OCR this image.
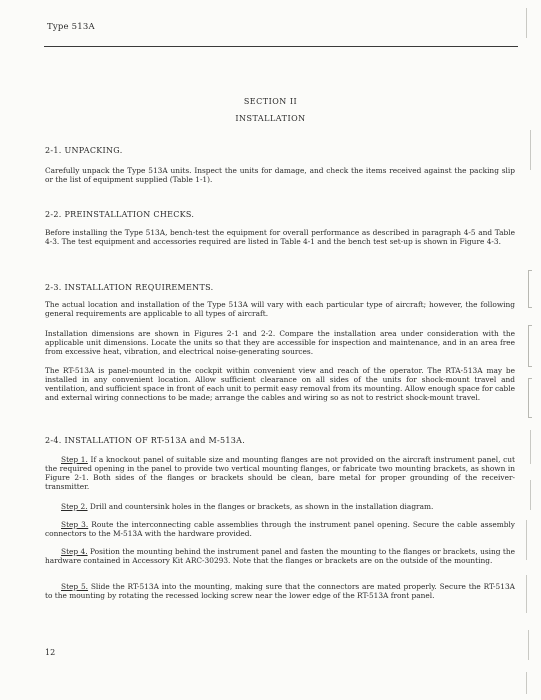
Type 513A
SECTION II
INSTALLATION
2-1. UNPACKING.
Carefully unpack the Type 513A units. Inspect the units for damage, and check the items received against the packing slip or the list of equipment supplied (Table 1-1).
2-2. PREINSTALLATION CHECKS.
Before installing the Type 513A, bench-test the equipment for overall performance as described in paragraph 4-5 and Table 4-3. The test equipment and accessories required are listed in Table 4-1 and the bench test set-up is shown in Figure 4-3.
2-3. INSTALLATION REQUIREMENTS.
The actual location and installation of the Type 513A will vary with each particular type of aircraft; however, the following general requirements are applicable to all types of aircraft.
Installation dimensions are shown in Figures 2-1 and 2-2. Compare the installation area under consideration with the applicable unit dimensions. Locate the units so that they are accessible for inspection and maintenance, and in an area free from excessive heat, vibration, and electrical noise-generating sources.
The RT-513A is panel-mounted in the cockpit within convenient view and reach of the operator. The RTA-513A may be installed in any convenient location. Allow sufficient clearance on all sides of the units for shock-mount travel and ventilation, and sufficient space in front of each unit to permit easy removal from its mounting. Allow enough space for cable and external wiring connections to be made; arrange the cables and wiring so as not to restrict shock-mount travel.
2-4. INSTALLATION OF RT-513A and M-513A.
Step 1. If a knockout panel of suitable size and mounting flanges are not provided on the aircraft instrument panel, cut the required opening in the panel to provide two vertical mounting flanges, or fabricate two mounting brackets, as shown in Figure 2-1. Both sides of the flanges or brackets should be clean, bare metal for proper grounding of the receiver-transmitter.
Step 2. Drill and countersink holes in the flanges or brackets, as shown in the installation diagram.
Step 3. Route the interconnecting cable assemblies through the instrument panel opening. Secure the cable assembly connectors to the M-513A with the hardware provided.
Step 4. Position the mounting behind the instrument panel and fasten the mounting to the flanges or brackets, using the hardware contained in Accessory Kit ARC-30293. Note that the flanges or brackets are on the outside of the mounting.
Step 5. Slide the RT-513A into the mounting, making sure that the connectors are mated properly. Secure the RT-513A to the mounting by rotating the recessed locking screw near the lower edge of the RT-513A front panel.
12
